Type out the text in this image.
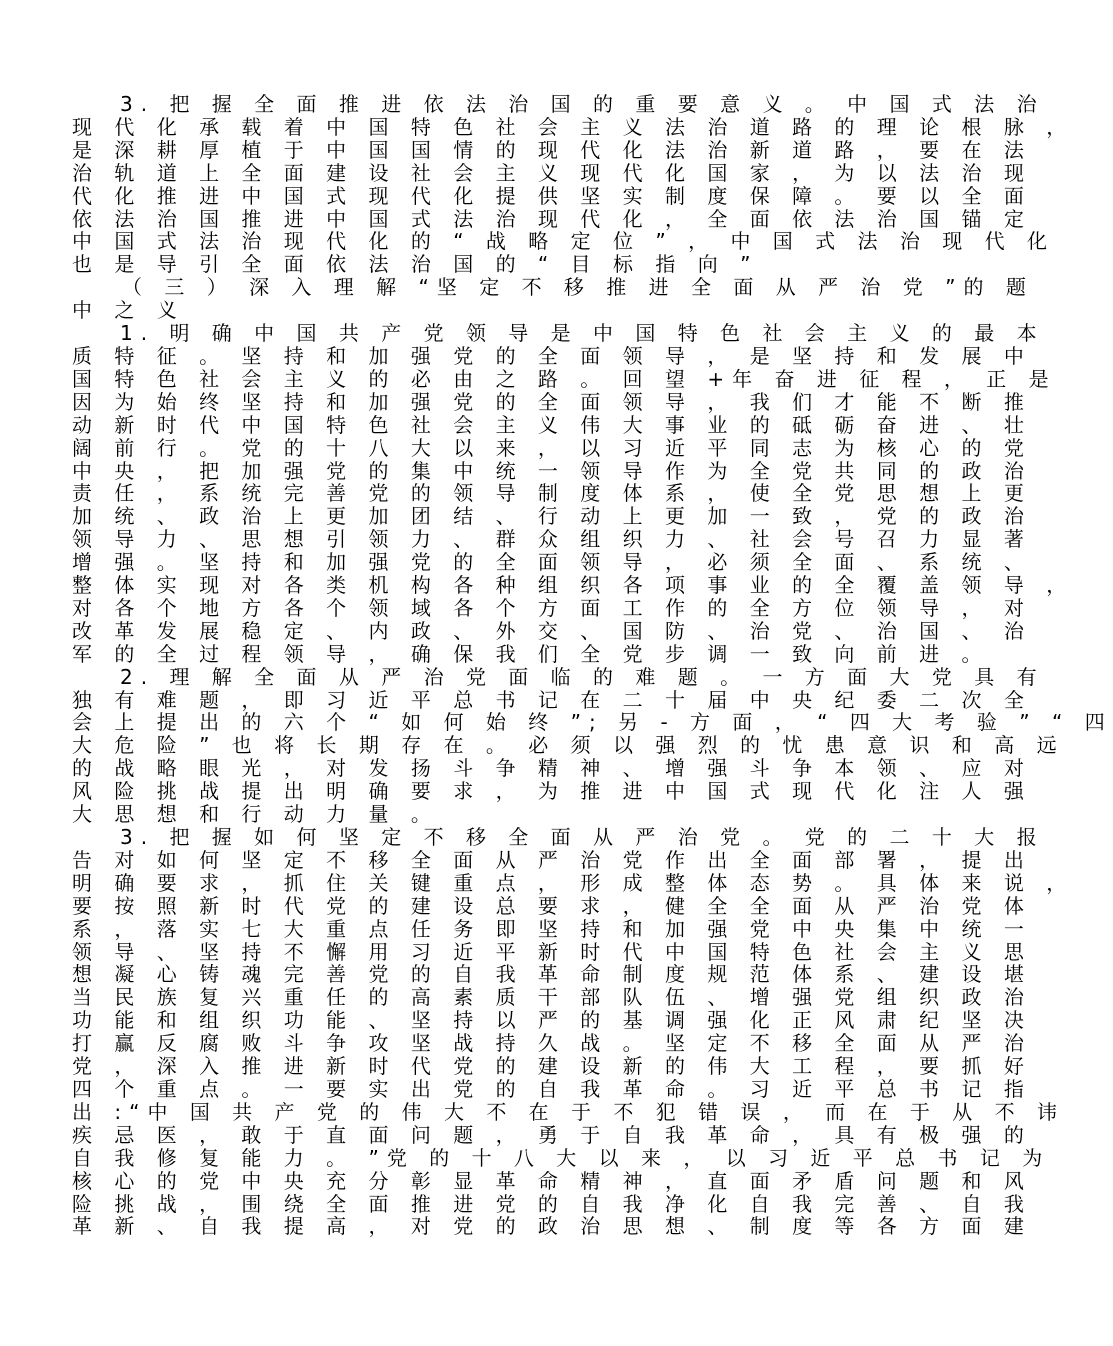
3. 把 握 全 面 推 进 依 法 治 国 的 重 要 意 义 。 中 国 式 法 治
现 代 化 承 载 着 中 国 特 色 社 会 主 义 法 治 道 路 的 理 论 根 脉 ，
是 深 耕 厚 植 于 中 国 国 情 的 现 代 化 法 治 新 道 路 ， 要 在 法
治 轨 道 上 全 面 建 设 社 会 主 义 现 代 化 国 家 ， 为 以 法 治 现
代 化 推 进 中 国 式 现 代 化 提 供 坚 实 制 度 保 障 。 要 以 全 面
依 法 治 国 推 进 中 国 式 法 治 现 代 化 ， 全 面 依 法 治 国 锚 定
中 国 式 法 治 现 代 化 的 “ 战 略 定 位 ” ， 中 国 式 法 治 现 代 化
也 是 导 引 全 面 依 法 治 国 的 “ 目 标 指 向 ”
（ 三 ） 深 入 理 解 “坚 定 不 移 推 进 全 面 从 严 治 党 ”的 题
中 之 义
1. 明 确 中 国 共 产 党 领 导 是 中 国 特 色 社 会 主 义 的 最 本
质 特 征 。 坚 持 和 加 强 党 的 全 面 领 导 ， 是 坚 持 和 发 展 中
国 特 色 社 会 主 义 的 必 由 之 路 。 回 望 +年 奋 进 征 程 ， 正 是
因 为 始 终 坚 持 和 加 强 党 的 全 面 领 导 ， 我 们 才 能 不 断 推
动 新 时 代 中 国 特 色 社 会 主 义 伟 大 事 业 的 砥 砺 奋 进 、 壮
阔 前 行 。 党 的 十 八 大 以 来 ， 以 习 近 平 同 志 为 核 心 的 党
中 央 ， 把 加 强 党 的 集 中 统 一 领 导 作 为 全 党 共 同 的 政 治
责 任 ， 系 统 完 善 党 的 领 导 制 度 体 系 ， 使 全 党 思 想 上 更
加 统 、 政 治 上 更 加 团 结 、 行 动 上 更 加 一 致 ， 党 的 政 治
领 导 力 、 思 想 引 领 力 、 群 众 组 织 力 、 社 会 号 召 力 显 著
增 强 。 坚 持 和 加 强 党 的 全 面 领 导 ， 必 须 全 面 、 系 统 、
整 体 实 现 对 各 类 机 构 各 种 组 织 各 项 事 业 的 全 覆 盖 领 导 ，
对 各 个 地 方 各 个 领 域 各 个 方 面 工 作 的 全 方 位 领 导 ， 对
改 革 发 展 稳 定 、 内 政 、 外 交 、 国 防 、 治 党 、 治 国 、 治
军 的 全 过 程 领 导 ， 确 保 我 们 全 党 步 调 一 致 向 前 进 。
2. 理 解 全 面 从 严 治 党 面 临 的 难 题 。 一 方 面 大 党 具 有
独 有 难 题 ， 即 习 近 平 总 书 记 在 二 十 届 中 央 纪 委 二 次 全
会 上 提 出 的 六 个 “ 如 何 始 终 ”; 另 - 方 面 ， “ 四 大 考 验 ” “ 四
大 危 险 ” 也 将 长 期 存 在 。 必 须 以 强 烈 的 忧 患 意 识 和 高 远
的 战 略 眼 光 ， 对 发 扬 斗 争 精 神 、 增 强 斗 争 本 领 、 应 对
风 险 挑 战 提 出 明 确 要 求 ， 为 推 进 中 国 式 现 代 化 注 人 强
大 思 想 和 行 动 力 量 。
3. 把 握 如 何 坚 定 不 移 全 面 从 严 治 党 。 党 的 二 十 大 报
告 对 如 何 坚 定 不 移 全 面 从 严 治 党 作 出 全 面 部 署 ， 提 出
明 确 要 求 ， 抓 住 关 键 重 点 ， 形 成 整 体 态 势 。 具 体 来 说 ，
要 按 照 新 时 代 党 的 建 设 总 要 求 ， 健 全 全 面 从 严 治 党 体
系 ， 落 实 七 大 重 点 任 务 即 坚 持 和 加 强 党 中 央 集 中 统 一
领 导 、 坚 持 不 懈 用 习 近 平 新 时 代 中 国 特 色 社 会 主 义 思
想 凝 心 铸 魂 完 善 党 的 自 我 革 命 制 度 规 范 体 系 、 建 设 堪
当 民 族 复 兴 重 任 的 高 素 质 干 部 队 伍 、 增 强 党 组 织 政 治
功 能 和 组 织 功 能 、 坚 持 以 严 的 基 调 强 化 正 风 肃 纪 坚 决
打 赢 反 腐 败 斗 争 攻 坚 战 持 久 战 。 坚 定 不 移 全 面 从 严 治
党 ， 深 入 推 进 新 时 代 党 的 建 设 新 的 伟 大 工 程 ， 要 抓 好
四 个 重 点 。 一 要 实 出 党 的 自 我 革 命 。 习 近 平 总 书 记 指
出 :“中 国 共 产 党 的 伟 大 不 在 于 不 犯 错 误 ， 而 在 于 从 不 讳
疾 忌 医 ， 敢 于 直 面 问 题 ， 勇 于 自 我 革 命 ， 具 有 极 强 的
自 我 修 复 能 力 。 ”党 的 十 八 大 以 来 ， 以 习 近 平 总 书 记 为
核 心 的 党 中 央 充 分 彰 显 革 命 精 神 ， 直 面 矛 盾 问 题 和 风
险 挑 战 ， 围 绕 全 面 推 进 党 的 自 我 净 化 自 我 完 善 、 自 我
革 新 、 自 我 提 高 ， 对 党 的 政 治 思 想 、 制 度 等 各 方 面 建
